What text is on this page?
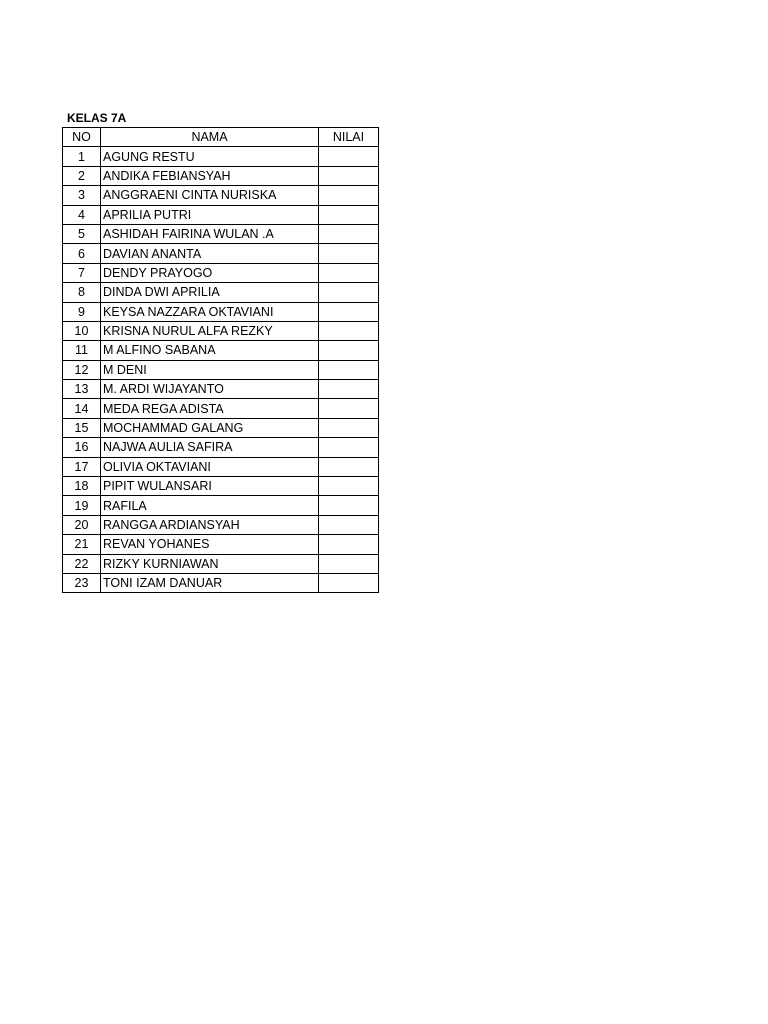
KELAS 7A
NO	NAMA	NILAI
1	AGUNG RESTU	
2	ANDIKA FEBIANSYAH	
3	ANGGRAENI CINTA NURISKA	
4	APRILIA PUTRI	
5	ASHIDAH FAIRINA WULAN .A	
6	DAVIAN ANANTA	
7	DENDY PRAYOGO	
8	DINDA DWI APRILIA	
9	KEYSA NAZZARA OKTAVIANI	
10	KRISNA NURUL ALFA REZKY	
11	M ALFINO SABANA	
12	M DENI	
13	M. ARDI WIJAYANTO	
14	MEDA REGA ADISTA	
15	MOCHAMMAD GALANG	
16	NAJWA AULIA SAFIRA	
17	OLIVIA OKTAVIANI	
18	PIPIT WULANSARI	
19	RAFILA	
20	RANGGA ARDIANSYAH	
21	REVAN YOHANES	
22	RIZKY KURNIAWAN	
23	TONI IZAM DANUAR	
